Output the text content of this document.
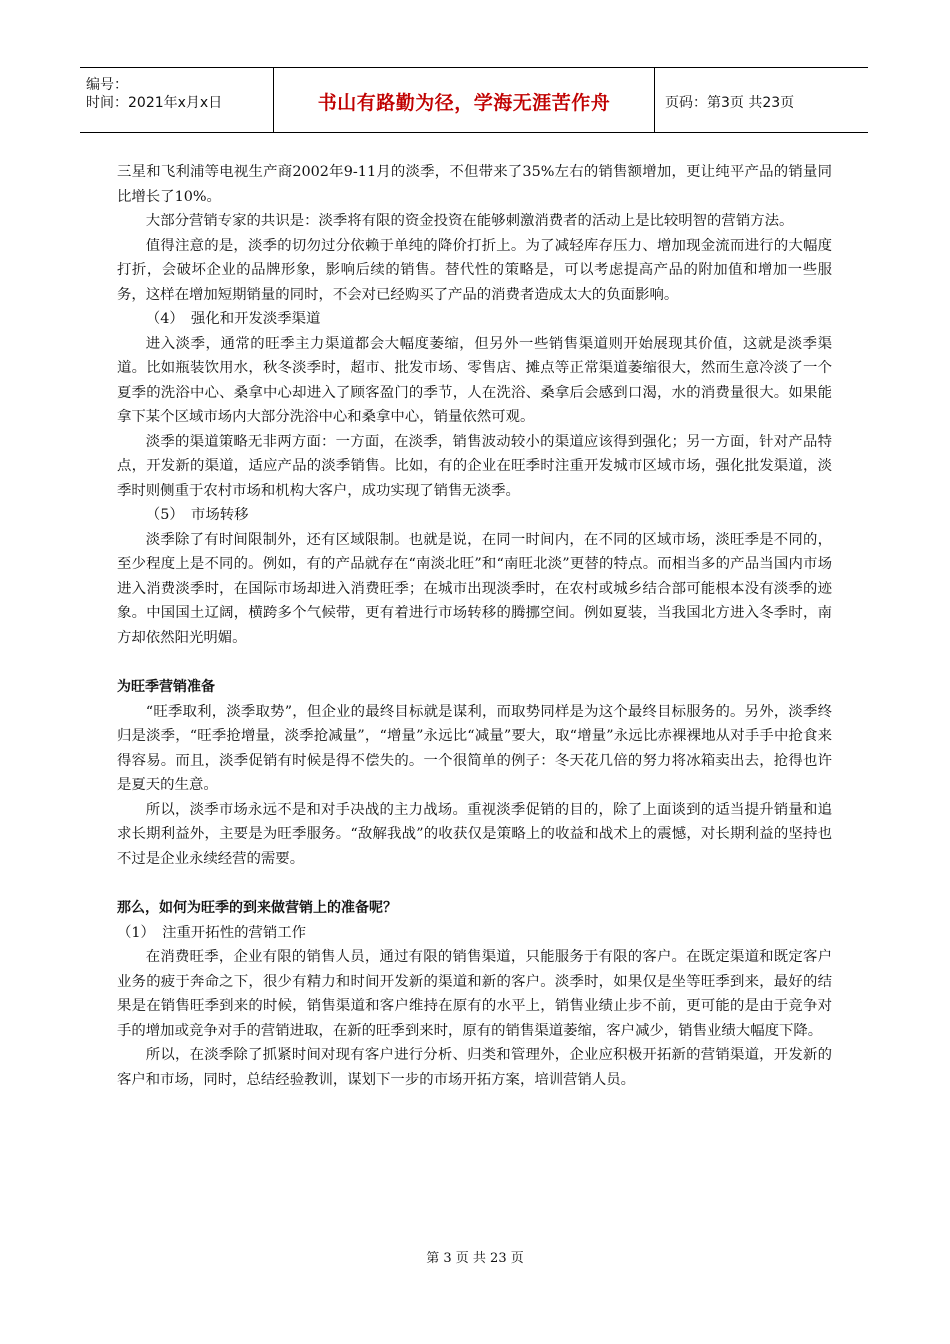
编号：
时间：2021年x月x日	书山有路勤为径，学海无涯苦作舟	页码：第3页 共23页

三星和飞利浦等电视生产商2002年9-11月的淡季，不但带来了35%左右的销售额增加，更让纯平产品的销量同比增长了10%。

大部分营销专家的共识是：淡季将有限的资金投资在能够刺激消费者的活动上是比较明智的营销方法。

值得注意的是，淡季的切勿过分依赖于单纯的降价打折上。为了减轻库存压力、增加现金流而进行的大幅度打折，会破坏企业的品牌形象，影响后续的销售。替代性的策略是，可以考虑提高产品的附加值和增加一些服务，这样在增加短期销量的同时，不会对已经购买了产品的消费者造成太大的负面影响。

（4）　强化和开发淡季渠道

进入淡季，通常的旺季主力渠道都会大幅度萎缩，但另外一些销售渠道则开始展现其价值，这就是淡季渠道。比如瓶装饮用水，秋冬淡季时，超市、批发市场、零售店、摊点等正常渠道萎缩很大，然而生意冷淡了一个夏季的洗浴中心、桑拿中心却进入了顾客盈门的季节，人在洗浴、桑拿后会感到口渴，水的消费量很大。如果能拿下某个区域市场内大部分洗浴中心和桑拿中心，销量依然可观。

淡季的渠道策略无非两方面：一方面，在淡季，销售波动较小的渠道应该得到强化；另一方面，针对产品特点，开发新的渠道，适应产品的淡季销售。比如，有的企业在旺季时注重开发城市区域市场，强化批发渠道，淡季时则侧重于农村市场和机构大客户，成功实现了销售无淡季。

（5）　市场转移

淡季除了有时间限制外，还有区域限制。也就是说，在同一时间内，在不同的区域市场，淡旺季是不同的，至少程度上是不同的。例如，有的产品就存在“南淡北旺”和“南旺北淡”更替的特点。而相当多的产品当国内市场进入消费淡季时，在国际市场却进入消费旺季；在城市出现淡季时，在农村或城乡结合部可能根本没有淡季的迹象。中国国土辽阔，横跨多个气候带，更有着进行市场转移的腾挪空间。例如夏装，当我国北方进入冬季时，南方却依然阳光明媚。

为旺季营销准备

“旺季取利，淡季取势”，但企业的最终目标就是谋利，而取势同样是为这个最终目标服务的。另外，淡季终归是淡季，“旺季抢增量，淡季抢减量”，“增量”永远比“减量”要大，取“增量”永远比赤裸裸地从对手手中抢食来得容易。而且，淡季促销有时候是得不偿失的。一个很简单的例子：冬天花几倍的努力将冰箱卖出去，抢得也许是夏天的生意。

所以，淡季市场永远不是和对手决战的主力战场。重视淡季促销的目的，除了上面谈到的适当提升销量和追求长期利益外，主要是为旺季服务。“敌解我战”的收获仅是策略上的收益和战术上的震憾，对长期利益的坚持也不过是企业永续经营的需要。

那么，如何为旺季的到来做营销上的准备呢？
（1）　注重开拓性的营销工作

在消费旺季，企业有限的销售人员，通过有限的销售渠道，只能服务于有限的客户。在既定渠道和既定客户业务的疲于奔命之下，很少有精力和时间开发新的渠道和新的客户。淡季时，如果仅是坐等旺季到来，最好的结果是在销售旺季到来的时候，销售渠道和客户维持在原有的水平上，销售业绩止步不前，更可能的是由于竞争对手的增加或竞争对手的营销进取，在新的旺季到来时，原有的销售渠道萎缩，客户减少，销售业绩大幅度下降。

所以，在淡季除了抓紧时间对现有客户进行分析、归类和管理外，企业应积极开拓新的营销渠道，开发新的客户和市场，同时，总结经验教训，谋划下一步的市场开拓方案，培训营销人员。

第 3 页 共 23 页
